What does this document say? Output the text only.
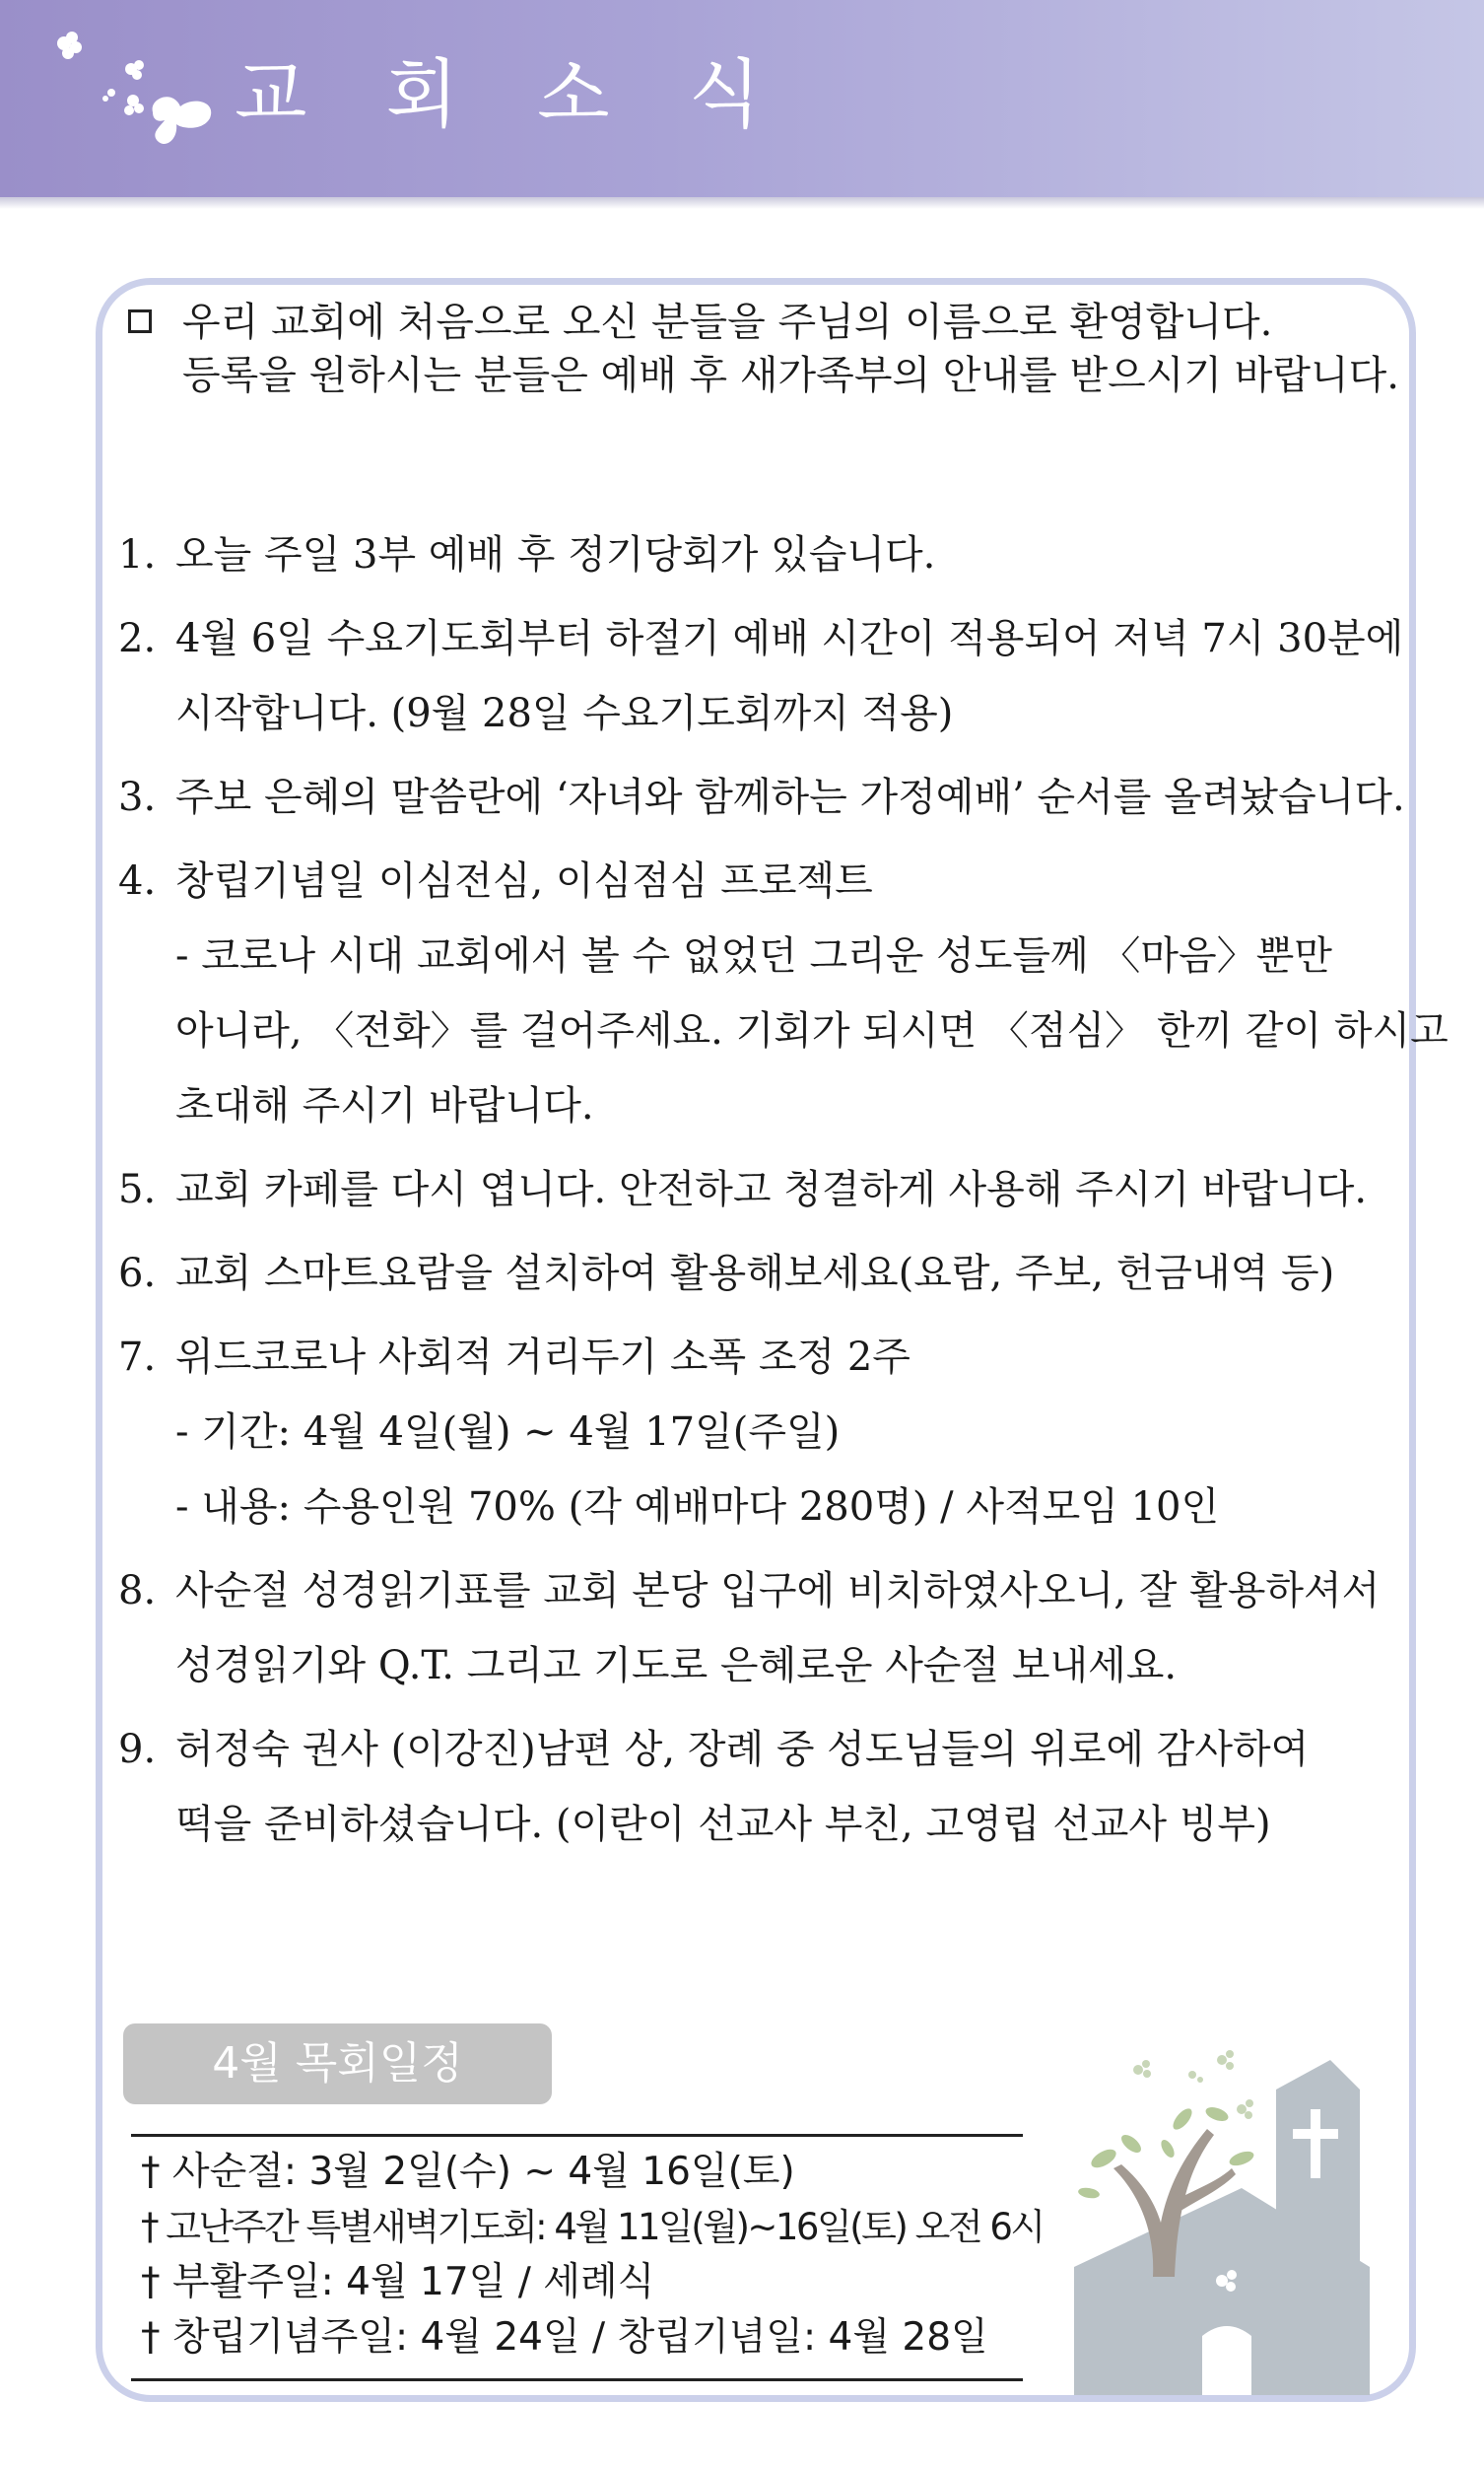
교 회 소 식

우리 교회에 처음으로 오신 분들을 주님의 이름으로 환영합니다.

등록을 원하시는 분들은 예배 후 새가족부의 안내를 받으시기 바랍니다.

1. 오늘 주일 3부 예배 후 정기당회가 있습니다.
2. 4월 6일 수요기도회부터 하절기 예배 시간이 적용되어 저녁 7시 30분에
시작합니다. (9월 28일 수요기도회까지 적용)
3. 주보 은혜의 말씀란에 ‘자녀와 함께하는 가정예배’ 순서를 올려놨습니다.
4. 창립기념일 이심전심, 이심점심 프로젝트
- 코로나 시대 교회에서 볼 수 없었던 그리운 성도들께 〈마음〉뿐만
아니라, 〈전화〉를 걸어주세요. 기회가 되시면 〈점심〉 한끼 같이 하시고
초대해 주시기 바랍니다.
5. 교회 카페를 다시 엽니다. 안전하고 청결하게 사용해 주시기 바랍니다.
6. 교회 스마트요람을 설치하여 활용해보세요(요람, 주보, 헌금내역 등)
7. 위드코로나 사회적 거리두기 소폭 조정 2주
- 기간: 4월 4일(월) ~ 4월 17일(주일)
- 내용: 수용인원 70% (각 예배마다 280명) / 사적모임 10인
8. 사순절 성경읽기표를 교회 본당 입구에 비치하였사오니, 잘 활용하셔서
성경읽기와 Q.T. 그리고 기도로 은혜로운 사순절 보내세요.
9. 허정숙 권사 (이강진)남편 상, 장례 중 성도님들의 위로에 감사하여
떡을 준비하셨습니다. (이란이 선교사 부친, 고영립 선교사 빙부)
4월 목회일정
† 사순절: 3월 2일(수) ~ 4월 16일(토)
† 고난주간 특별새벽기도회: 4월 11일(월)~16일(토) 오전 6시
† 부활주일: 4월 17일 / 세례식
† 창립기념주일: 4월 24일 / 창립기념일: 4월 28일
